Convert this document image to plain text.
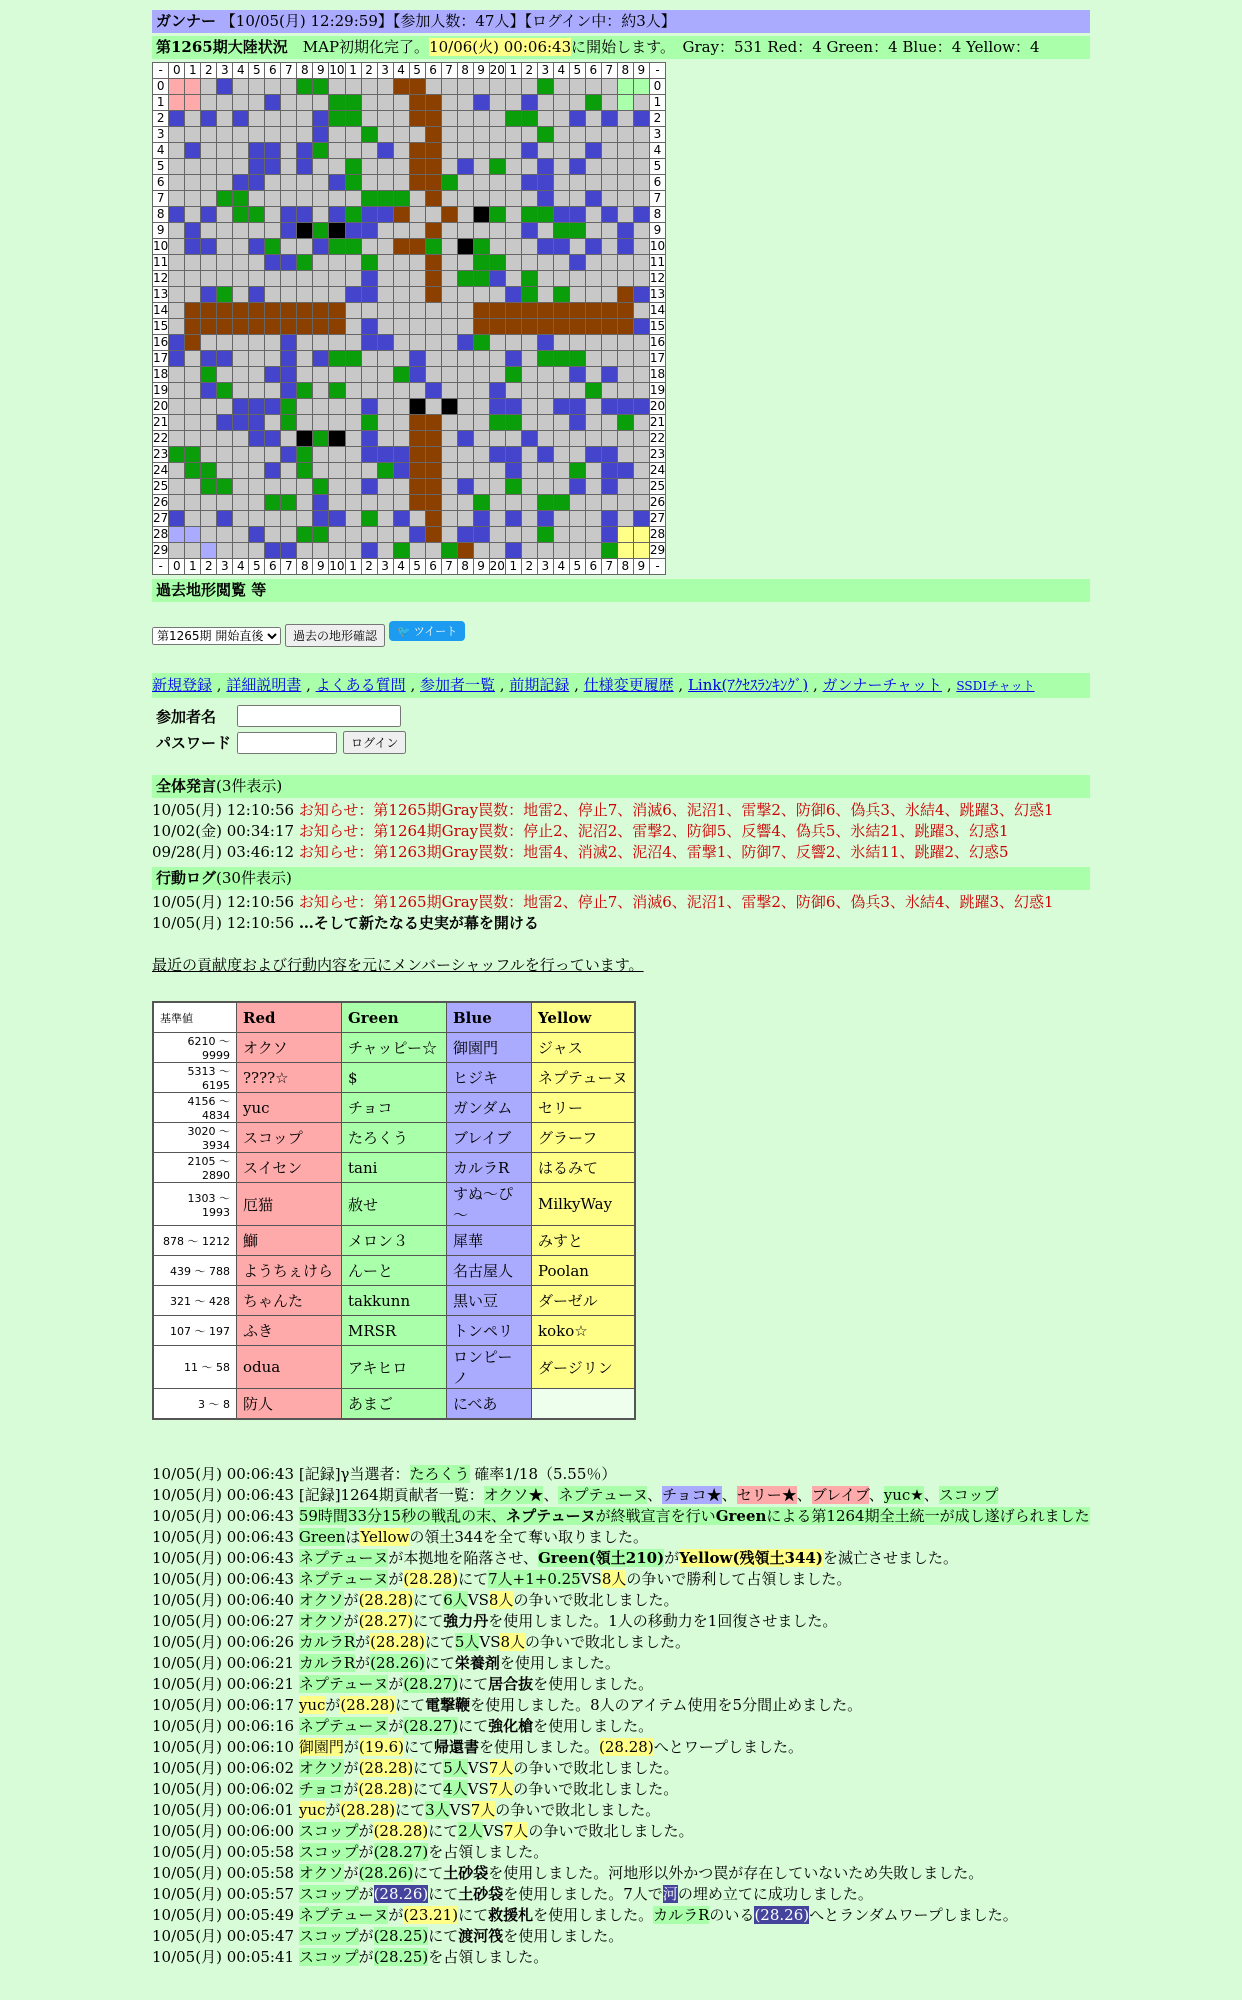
ガンナー 【10/05(月) 12:29:59】【参加人数：47人】【ログイン中：約3人】
第1265期大陸状況　 MAP初期化完了。10/06(火) 00:06:43に開始します。　 Gray：531 Red：4 Green：4 Blue：4 Yellow：4
-	0	1	2	3	4	5	6	7	8	9	10	1	2	3	4	5	6	7	8	9	20	1	2	3	4	5	6	7	8	9	-
0																															0
1																															1
2																															2
3																															3
4																															4
5																															5
6																															6
7																															7
8																															8
9																															9
10																															10
11																															11
12																															12
13																															13
14																															14
15																															15
16																															16
17																															17
18																															18
19																															19
20																															20
21																															21
22																															22
23																															23
24																															24
25																															25
26																															26
27																															27
28																															28
29																															29
-	0	1	2	3	4	5	6	7	8	9	10	1	2	3	4	5	6	7	8	9	20	1	2	3	4	5	6	7	8	9	-
過去地形閲覧 等
第1265期 開始直後
過去の地形確認	🐦 ツイート
新規登録 , 詳細説明書 , よくある質問 , 参加者一覧 , 前期記録 , 仕様変更履歴 , Link(ｱｸｾｽﾗﾝｷﾝｸﾞ) , ガンナーチャット , SSDIチャット
参加者名	
パスワード		ログイン
全体発言(3件表示)
10/05(月) 12:10:56 お知らせ：第1265期Gray罠数：地雷2、停止7、消滅6、泥沼1、雷撃2、防御6、偽兵3、氷結4、跳躍3、幻惑1
10/02(金) 00:34:17 お知らせ：第1264期Gray罠数：停止2、泥沼2、雷撃2、防御5、反響4、偽兵5、氷結21、跳躍3、幻惑1
09/28(月) 03:46:12 お知らせ：第1263期Gray罠数：地雷4、消滅2、泥沼4、雷撃1、防御7、反響2、氷結11、跳躍2、幻惑5
行動ログ(30件表示)
10/05(月) 12:10:56 お知らせ：第1265期Gray罠数：地雷2、停止7、消滅6、泥沼1、雷撃2、防御6、偽兵3、氷結4、跳躍3、幻惑1
10/05(月) 12:10:56 …そして新たなる史実が幕を開ける
最近の貢献度および行動内容を元にメンバーシャッフルを行っています。
基準値	Red	Green	Blue	Yellow
6210 ～ 9999	オクソ	チャッピー☆	御園門	ジャス
5313 ～ 6195	????☆	$	ヒジキ	ネプテューヌ
4156 ～ 4834	yuc	チョコ	ガンダム	セリー
3020 ～ 3934	スコップ	たろくう	ブレイブ	グラーフ
2105 ～ 2890	スイセン	tani	カルラR	はるみて
1303 ～ 1993	厄猫	赦せ	すぬ～ぴ～	MilkyWay
878 ～ 1212	鰤	メロン３	犀華	みすと
439 ～ 788	ようちぇけら	んーと	名古屋人	Poolan
321 ～ 428	ちゃんた	takkunn	黒い豆	ダーゼル
107 ～ 197	ふき	MRSR	トンペリ	koko☆
11 ～ 58	odua	アキヒロ	ロンピーノ	ダージリン
3 ～ 8	防人	あまご	にべあ	
10/05(月) 00:06:43 [記録]γ当選者：たろくう 確率1/18（5.55％）
10/05(月) 00:06:43 [記録]1264期貢献者一覧：オクソ★、ネプテューヌ、チョコ★、セリー★、ブレイブ、yuc★、スコップ
10/05(月) 00:06:43 59時間33分15秒の戦乱の末、ネプテューヌが終戦宣言を行いGreenによる第1264期全土統一が成し遂げられました
10/05(月) 00:06:43 GreenはYellowの領土344を全て奪い取りました。
10/05(月) 00:06:43 ネプテューヌが本拠地を陥落させ、Green(領土210)がYellow(残領土344)を滅亡させました。
10/05(月) 00:06:43 ネプテューヌが(28.28)にて7人+1+0.25VS8人の争いで勝利して占領しました。
10/05(月) 00:06:40 オクソが(28.28)にて6人VS8人の争いで敗北しました。
10/05(月) 00:06:27 オクソが(28.27)にて強力丹を使用しました。1人の移動力を1回復させました。
10/05(月) 00:06:26 カルラRが(28.28)にて5人VS8人の争いで敗北しました。
10/05(月) 00:06:21 カルラRが(28.26)にて栄養剤を使用しました。
10/05(月) 00:06:21 ネプテューヌが(28.27)にて居合抜を使用しました。
10/05(月) 00:06:17 yucが(28.28)にて電撃鞭を使用しました。8人のアイテム使用を5分間止めました。
10/05(月) 00:06:16 ネプテューヌが(28.27)にて強化槍を使用しました。
10/05(月) 00:06:10 御園門が(19.6)にて帰還書を使用しました。(28.28)へとワープしました。
10/05(月) 00:06:02 オクソが(28.28)にて5人VS7人の争いで敗北しました。
10/05(月) 00:06:02 チョコが(28.28)にて4人VS7人の争いで敗北しました。
10/05(月) 00:06:01 yucが(28.28)にて3人VS7人の争いで敗北しました。
10/05(月) 00:06:00 スコップが(28.28)にて2人VS7人の争いで敗北しました。
10/05(月) 00:05:58 スコップが(28.27)を占領しました。
10/05(月) 00:05:58 オクソが(28.26)にて土砂袋を使用しました。河地形以外かつ罠が存在していないため失敗しました。
10/05(月) 00:05:57 スコップが(28.26)にて土砂袋を使用しました。7人で河の埋め立てに成功しました。
10/05(月) 00:05:49 ネプテューヌが(23.21)にて救援札を使用しました。カルラRのいる(28.26)へとランダムワープしました。
10/05(月) 00:05:47 スコップが(28.25)にて渡河筏を使用しました。
10/05(月) 00:05:41 スコップが(28.25)を占領しました。
